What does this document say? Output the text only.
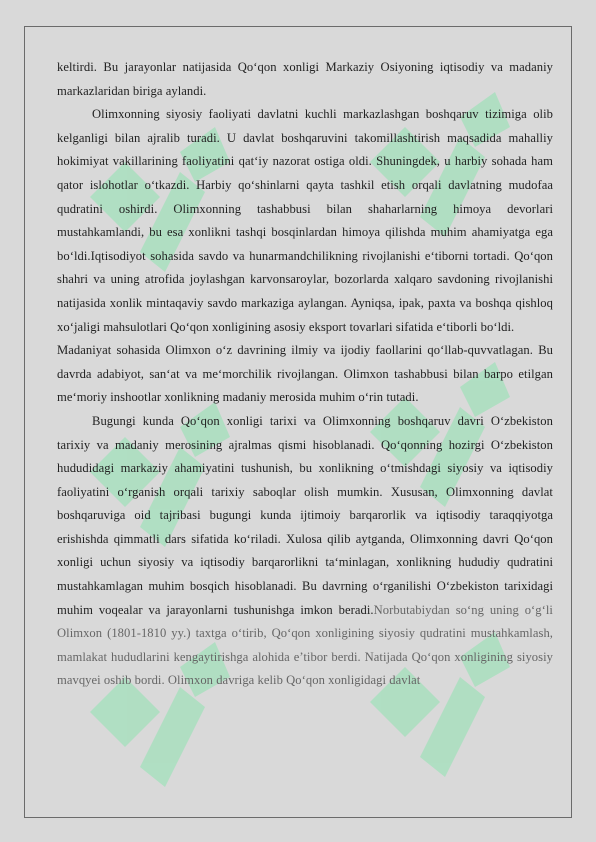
keltirdi. Bu jarayonlar natijasida Qo‘qon xonligi Markaziy Osiyoning iqtisodiy va madaniy markazlaridan biriga aylandi.

Olimxonning siyosiy faoliyati davlatni kuchli markazlashgan boshqaruv tizimiga olib kelganligi bilan ajralib turadi. U davlat boshqaruvini takomillashtirish maqsadida mahalliy hokimiyat vakillarining faoliyatini qat‘iy nazorat ostiga oldi. Shuningdek, u harbiy sohada ham qator islohotlar o‘tkazdi. Harbiy qo‘shinlarni qayta tashkil etish orqali davlatning mudofaa qudratini oshirdi. Olimxonning tashabbusi bilan shaharlarning himoya devorlari mustahkamlandi, bu esa xonlikni tashqi bosqinlardan himoya qilishda muhim ahamiyatga ega bo‘ldi.Iqtisodiyot sohasida savdo va hunarmandchilikning rivojlanishi e‘tiborni tortadi. Qo‘qon shahri va uning atrofida joylashgan karvonsaroylar, bozorlarda xalqaro savdoning rivojlanishi natijasida xonlik mintaqaviy savdo markaziga aylangan. Ayniqsa, ipak, paxta va boshqa qishloq xo‘jaligi mahsulotlari Qo‘qon xonligining asosiy eksport tovarlari sifatida e‘tiborli bo‘ldi.

Madaniyat sohasida Olimxon o‘z davrining ilmiy va ijodiy faollarini qo‘llab-quvvatlagan. Bu davrda adabiyot, san‘at va me‘morchilik rivojlangan. Olimxon tashabbusi bilan barpo etilgan me‘moriy inshootlar xonlikning madaniy merosida muhim o‘rin tutadi.

Bugungi kunda Qo‘qon xonligi tarixi va Olimxonning boshqaruv davri O‘zbekiston tarixiy va madaniy merosining ajralmas qismi hisoblanadi. Qo‘qonning hozirgi O‘zbekiston hududidagi markaziy ahamiyatini tushunish, bu xonlikning o‘tmishdagi siyosiy va iqtisodiy faoliyatini o‘rganish orqali tarixiy saboqlar olish mumkin. Xususan, Olimxonning davlat boshqaruviga oid tajribasi bugungi kunda ijtimoiy barqarorlik va iqtisodiy taraqqiyotga erishishda qimmatli dars sifatida ko‘riladi. Xulosa qilib aytganda, Olimxonning davri Qo‘qon xonligi uchun siyosiy va iqtisodiy barqarorlikni ta‘minlagan, xonlikning hududiy qudratini mustahkamlagan muhim bosqich hisoblanadi. Bu davrning o‘rganilishi O‘zbekiston tarixidagi muhim voqealar va jarayonlarni tushunishga imkon beradi.Norbutabiydan so‘ng uning o‘g‘li Olimxon (1801-1810 yy.) taxtga o‘tirib, Qo‘qon xonligining siyosiy qudratini mustahkamlash, mamlakat hududlarini kengaytirishga alohida e’tibor berdi. Natijada Qo‘qon xonligining siyosiy mavqyei oshib bordi. Olimxon davriga kelib Qo‘qon xonligidagi davlat
